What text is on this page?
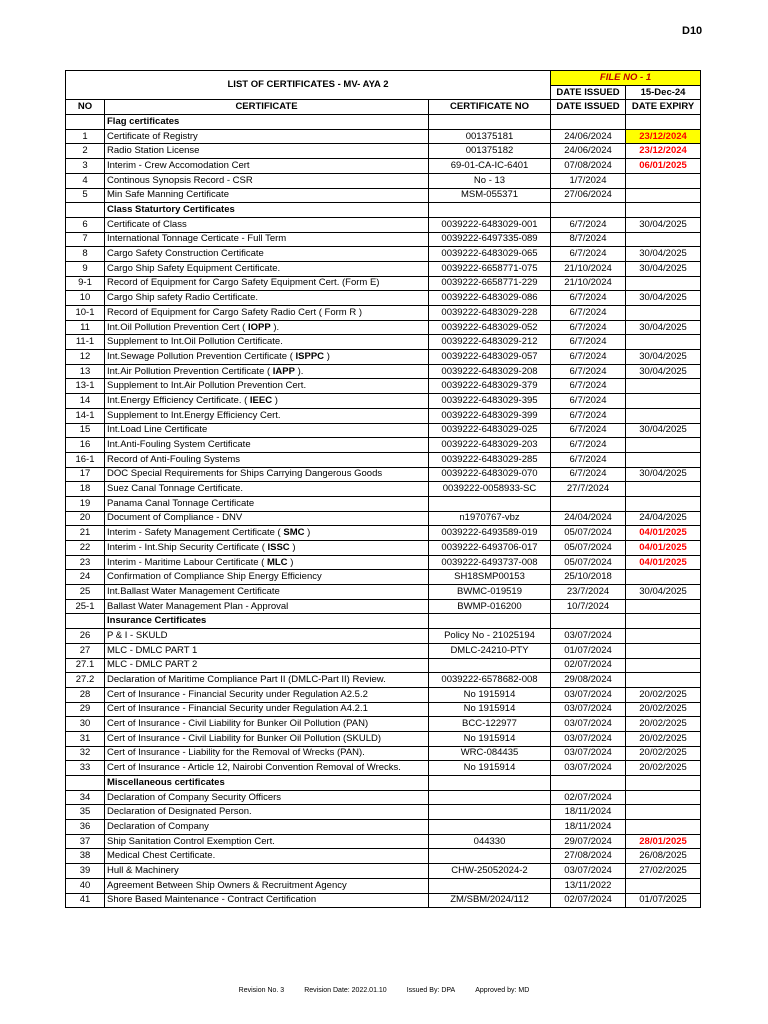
D10
LIST OF CERTIFICATES - MV- AYA 2			FILE NO - 1	
			DATE ISSUED	15-Dec-24
NO	CERTIFICATE	CERTIFICATE NO	DATE ISSUED	DATE EXPIRY
	Flag certificates			
1	Certificate of Registry	001375181	24/06/2024	23/12/2024
2	Radio Station License	001375182	24/06/2024	23/12/2024
3	Interim - Crew Accomodation Cert	69-01-CA-IC-6401	07/08/2024	06/01/2025
4	Continous Synopsis Record - CSR	No - 13	1/7/2024	
5	Min Safe Manning Certificate	MSM-055371	27/06/2024	
	Class Staturtory Certificates			
6	Certificate of Class	0039222-6483029-001	6/7/2024	30/04/2025
7	International Tonnage Certicate - Full Term	0039222-6497335-089	8/7/2024	
8	Cargo Safety Construction Certificate	0039222-6483029-065	6/7/2024	30/04/2025
9	Cargo Ship Safety Equipment Certificate.	0039222-6658771-075	21/10/2024	30/04/2025
9-1	Record of Equipment for Cargo Safety Equipment Cert. (Form E)	0039222-6658771-229	21/10/2024	
10	Cargo Ship safety Radio Certificate.	0039222-6483029-086	6/7/2024	30/04/2025
10-1	Record of Equipment for Cargo Safety Radio Cert ( Form R )	0039222-6483029-228	6/7/2024	
11	Int.Oil Pollution Prevention Cert ( IOPP ).	0039222-6483029-052	6/7/2024	30/04/2025
11-1	Supplement to Int.Oil Pollution Certificate.	0039222-6483029-212	6/7/2024	
12	Int.Sewage Pollution Prevention Certificate ( ISPPC )	0039222-6483029-057	6/7/2024	30/04/2025
13	Int.Air Pollution Prevention Certificate ( IAPP ).	0039222-6483029-208	6/7/2024	30/04/2025
13-1	Supplement to Int.Air Pollution Prevention Cert.	0039222-6483029-379	6/7/2024	
14	Int.Energy Efficiency Certificate. ( IEEC )	0039222-6483029-395	6/7/2024	
14-1	Supplement to Int.Energy Efficiency Cert.	0039222-6483029-399	6/7/2024	
15	Int.Load Line Certificate	0039222-6483029-025	6/7/2024	30/04/2025
16	Int.Anti-Fouling System Certificate	0039222-6483029-203	6/7/2024	
16-1	Record of Anti-Fouling Systems	0039222-6483029-285	6/7/2024	
17	DOC Special Requirements for Ships Carrying Dangerous Goods	0039222-6483029-070	6/7/2024	30/04/2025
18	Suez Canal Tonnage Certificate.	0039222-0058933-SC	27/7/2024	
19	Panama Canal Tonnage Certificate			
20	Document of Compliance - DNV	n1970767-vbz	24/04/2024	24/04/2025
21	Interim - Safety Management Certificate ( SMC )	0039222-6493589-019	05/07/2024	04/01/2025
22	Interim - Int.Ship Security Certificate ( ISSC )	0039222-6493706-017	05/07/2024	04/01/2025
23	Interim - Maritime Labour Certificate ( MLC )	0039222-6493737-008	05/07/2024	04/01/2025
24	Confirmation of Compliance Ship Energy Efficiency	SH18SMP00153	25/10/2018	
25	Int.Ballast Water Management Certificate	BWMC-019519	23/7/2024	30/04/2025
25-1	Ballast Water Management Plan - Approval	BWMP-016200	10/7/2024	
	Insurance Certificates			
26	P & I - SKULD	Policy No - 21025194	03/07/2024	
27	MLC - DMLC PART 1	DMLC-24210-PTY	01/07/2024	
27.1	MLC - DMLC PART 2		02/07/2024	
27.2	Declaration of Maritime Compliance Part II (DMLC-Part II) Review.	0039222-6578682-008	29/08/2024	
28	Cert of Insurance - Financial Security under Regulation A2.5.2	No 1915914	03/07/2024	20/02/2025
29	Cert of Insurance - Financial Security under Regulation A4.2.1	No 1915914	03/07/2024	20/02/2025
30	Cert of Insurance - Civil Liability for Bunker Oil Pollution (PAN)	BCC-122977	03/07/2024	20/02/2025
31	Cert of Insurance - Civil Liability for Bunker Oil Pollution (SKULD)	No 1915914	03/07/2024	20/02/2025
32	Cert of Insurance - Liability for the Removal of Wrecks (PAN).	WRC-084435	03/07/2024	20/02/2025
33	Cert of Insurance - Article 12, Nairobi Convention Removal of Wrecks.	No 1915914	03/07/2024	20/02/2025
	Miscellaneous certificates			
34	Declaration of Company Security Officers		02/07/2024	
35	Declaration of Designated Person.		18/11/2024	
36	Declaration of Company		18/11/2024	
37	Ship Sanitation Control Exemption Cert.	044330	29/07/2024	28/01/2025
38	Medical Chest Certificate.		27/08/2024	26/08/2025
39	Hull & Machinery	CHW-25052024-2	03/07/2024	27/02/2025
40	Agreement Between Ship Owners & Recruitment Agency		13/11/2022	
41	Shore Based Maintenance - Contract Certification	ZM/SBM/2024/112	02/07/2024	01/07/2025
Revision No. 3	Revision Date: 2022.01.10	Issued By: DPA	Approved by: MD
